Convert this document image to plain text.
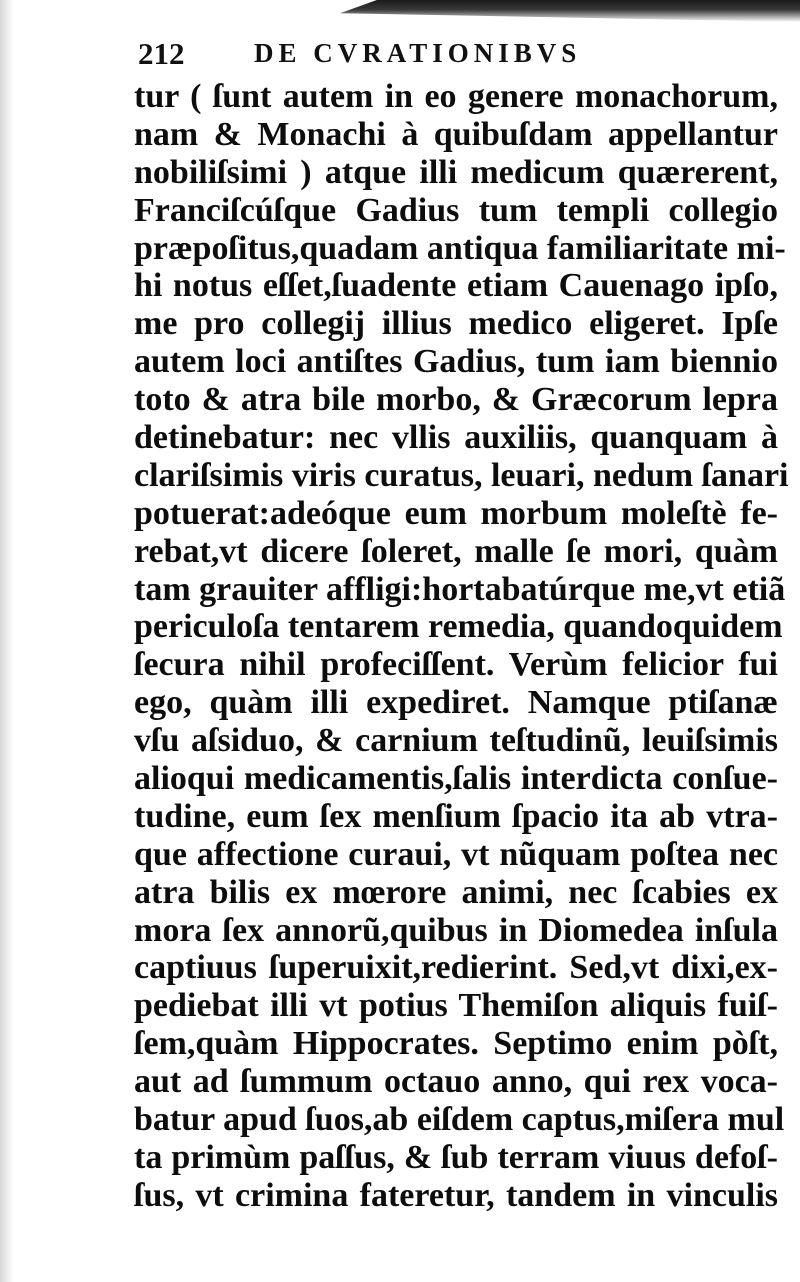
212	DE CVRATIONIBVS
tur ( ſunt autem in eo genere monachorum,
nam & Monachi à quibuſdam appellantur
nobiliſsimi ) atque illi medicum quærerent,
Franciſcúſque Gadius tum templi collegio
præpoſitus,quadam antiqua familiaritate mi-
hi notus eſſet,ſuadente etiam Cauenago ipſo,
me pro collegij illius medico eligeret. Ipſe
autem loci antiſtes Gadius, tum iam biennio
toto & atra bile morbo, & Græcorum lepra
detinebatur: nec vllis auxiliis, quanquam à
clariſsimis viris curatus, leuari, nedum ſanari
potuerat:adeóque eum morbum moleſtè fe-
rebat,vt dicere ſoleret, malle ſe mori, quàm
tam grauiter affligi:hortabatúrque me,vt etiã
periculoſa tentarem remedia, quandoquidem
ſecura nihil profeciſſent. Verùm felicior fui
ego, quàm illi expediret. Namque ptiſanæ
vſu aſsiduo, & carnium teſtudinũ, leuiſsimis
alioqui medicamentis,ſalis interdicta conſue-
tudine, eum ſex menſium ſpacio ita ab vtra-
que affectione curaui, vt nũquam poſtea nec
atra bilis ex mœrore animi, nec ſcabies ex
mora ſex annorũ,quibus in Diomedea inſula
captiuus ſuperuixit,redierint. Sed,vt dixi,ex-
pediebat illi vt potius Themiſon aliquis fuiſ-
ſem,quàm Hippocrates. Septimo enim pòſt,
aut ad ſummum octauo anno, qui rex voca-
batur apud ſuos,ab eiſdem captus,miſera mul
ta primùm paſſus, & ſub terram viuus defoſ-
ſus, vt crimina fateretur, tandem in vinculis
